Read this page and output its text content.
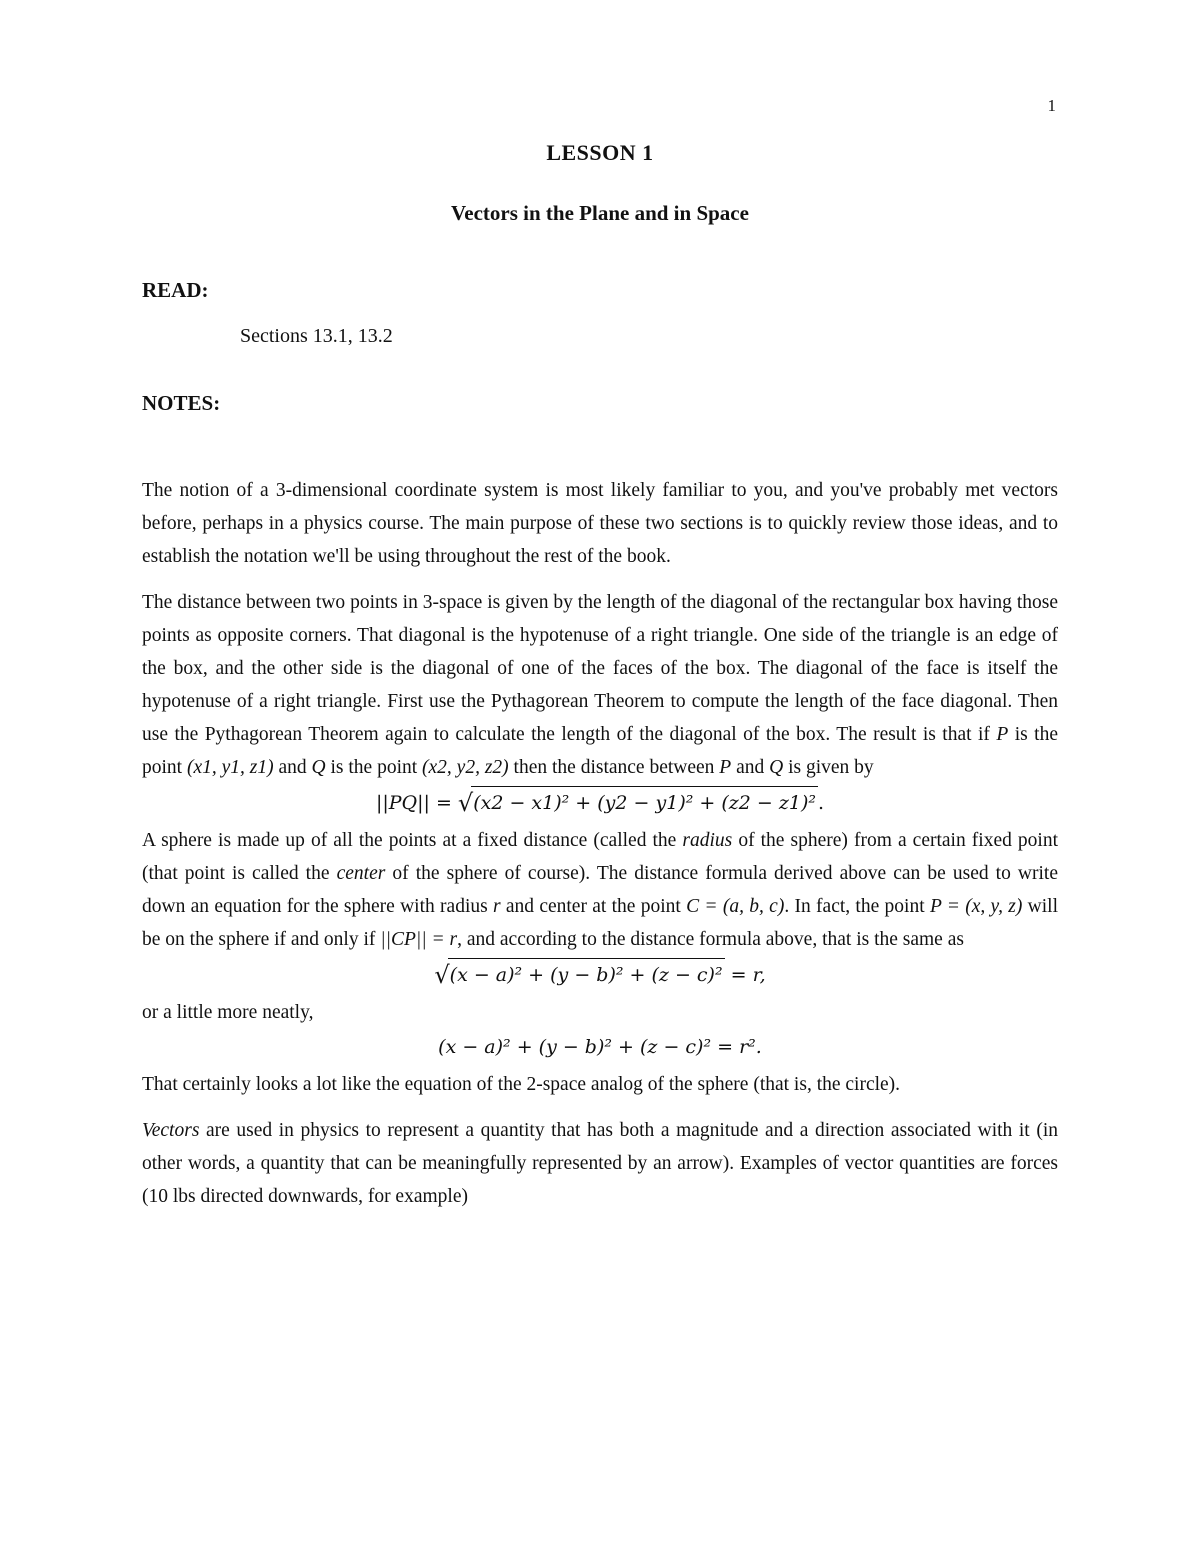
1
LESSON 1
Vectors in the Plane and in Space
READ:
Sections 13.1, 13.2
NOTES:

The notion of a 3-dimensional coordinate system is most likely familiar to you, and you've probably met vectors before, perhaps in a physics course. The main purpose of these two sections is to quickly review those ideas, and to establish the notation we'll be using throughout the rest of the book.

The distance between two points in 3-space is given by the length of the diagonal of the rectangular box having those points as opposite corners. That diagonal is the hypotenuse of a right triangle. One side of the triangle is an edge of the box, and the other side is the diagonal of one of the faces of the box. The diagonal of the face is itself the hypotenuse of a right triangle. First use the Pythagorean Theorem to compute the length of the face diagonal. Then use the Pythagorean Theorem again to calculate the length of the diagonal of the box. The result is that if P is the point (x1, y1, z1) and Q is the point (x2, y2, z2) then the distance between P and Q is given by

||PQ|| = √(x2 − x1)² + (y2 − y1)² + (z2 − z1)² .

A sphere is made up of all the points at a fixed distance (called the radius of the sphere) from a certain fixed point (that point is called the center of the sphere of course). The distance formula derived above can be used to write down an equation for the sphere with radius r and center at the point C = (a, b, c). In fact, the point P = (x, y, z) will be on the sphere if and only if ||CP|| = r, and according to the distance formula above, that is the same as

√(x − a)² + (y − b)² + (z − c)² = r,

or a little more neatly,

(x − a)² + (y − b)² + (z − c)² = r².

That certainly looks a lot like the equation of the 2-space analog of the sphere (that is, the circle).

Vectors are used in physics to represent a quantity that has both a magnitude and a direction associated with it (in other words, a quantity that can be meaningfully represented by an arrow). Examples of vector quantities are forces (10 lbs directed downwards, for example)
